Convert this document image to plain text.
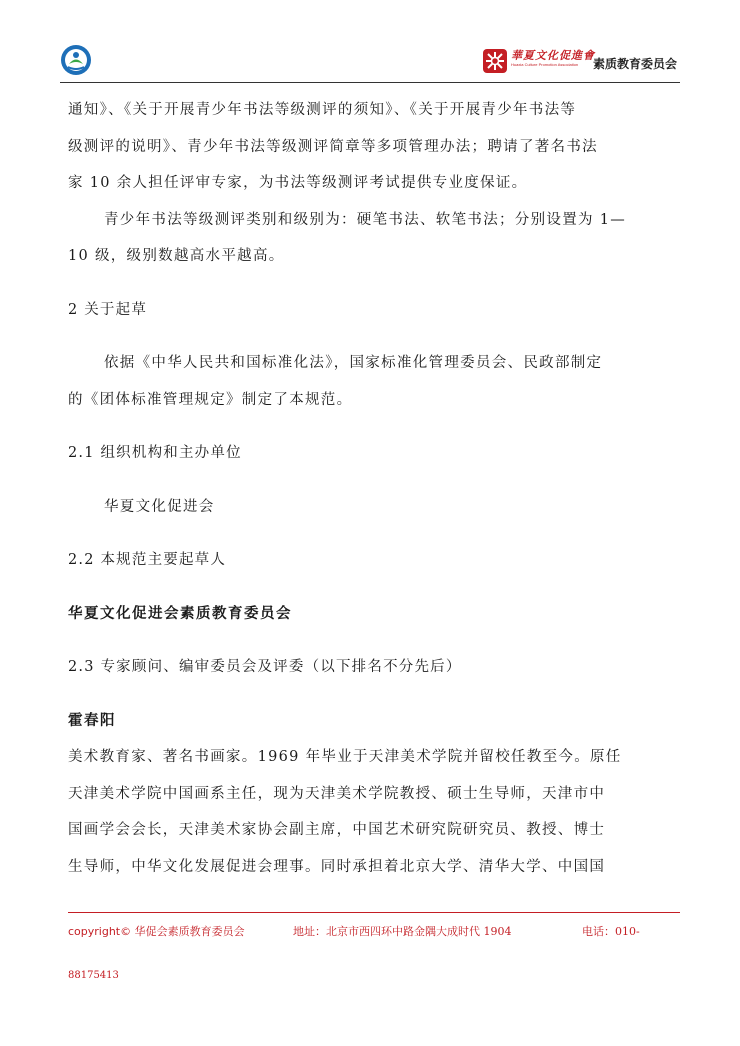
華夏文化促進會
Huaxia Culture Promotion Association	素质教育委员会

通知》、《关于开展青少年书法等级测评的须知》、《关于开展青少年书法等

级测评的说明》、青少年书法等级测评简章等多项管理办法；聘请了著名书法

家 10 余人担任评审专家，为书法等级测评考试提供专业度保证。

青少年书法等级测评类别和级别为：硬笔书法、软笔书法；分别设置为 1—

10 级，级别数越高水平越高。

2 关于起草

依据《中华人民共和国标准化法》，国家标准化管理委员会、民政部制定

的《团体标准管理规定》制定了本规范。

2.1 组织机构和主办单位

华夏文化促进会

2.2 本规范主要起草人

华夏文化促进会素质教育委员会

2.3 专家顾问、编审委员会及评委（以下排名不分先后）

霍春阳

美术教育家、著名书画家。1969 年毕业于天津美术学院并留校任教至今。原任

天津美术学院中国画系主任，现为天津美术学院教授、硕士生导师，天津市中

国画学会会长，天津美术家协会副主席，中国艺术研究院研究员、教授、博士

生导师，中华文化发展促进会理事。同时承担着北京大学、清华大学、中国国

copyright© 华促会素质教育委员会	地址：北京市西四环中路金隅大成时代 1904	电话：010-
88175413
